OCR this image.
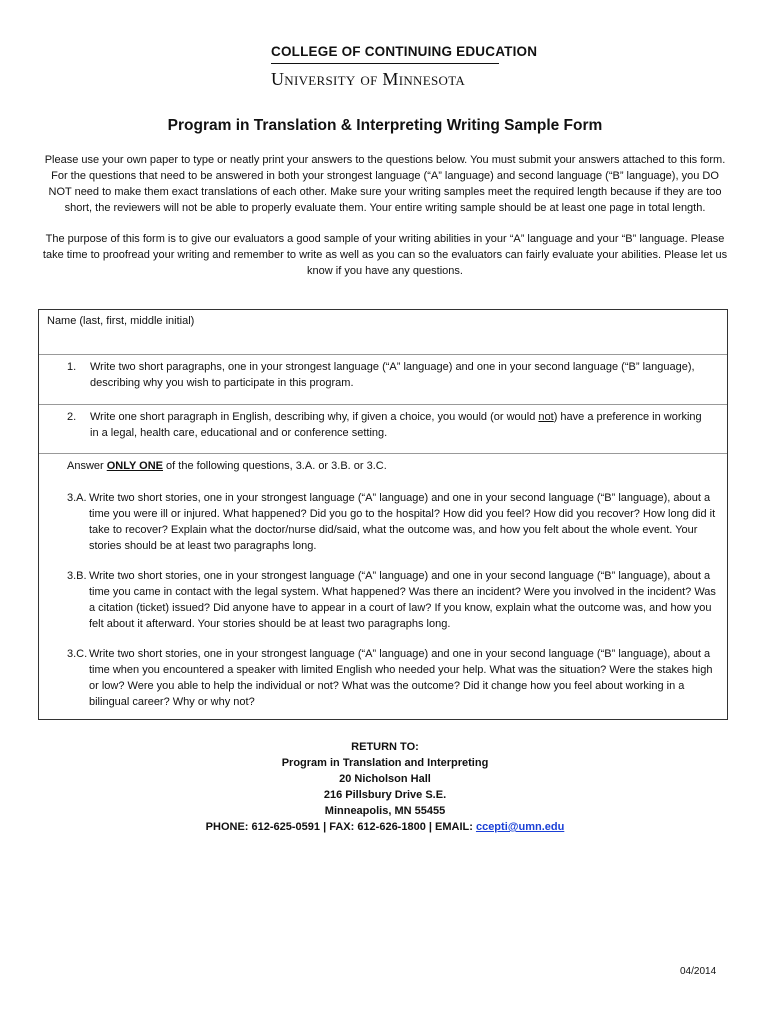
COLLEGE OF CONTINUING EDUCATION
University of Minnesota
Program in Translation & Interpreting Writing Sample Form

Please use your own paper to type or neatly print your answers to the questions below. You must submit your answers attached to this form. For the questions that need to be answered in both your strongest language (“A” language) and second language (“B” language), you DO NOT need to make them exact translations of each other. Make sure your writing samples meet the required length because if they are too short, the reviewers will not be able to properly evaluate them. Your entire writing sample should be at least one page in total length.

The purpose of this form is to give our evaluators a good sample of your writing abilities in your “A” language and your “B” language. Please take time to proofread your writing and remember to write as well as you can so the evaluators can fairly evaluate your abilities. Please let us know if you have any questions.

Name (last, first, middle initial)
1.	Write two short paragraphs, one in your strongest language (“A” language) and one in your second language (“B” language), describing why you wish to participate in this program.
2.	Write one short paragraph in English, describing why, if given a choice, you would (or would not) have a preference in working in a legal, health care, educational and or conference setting.
Answer ONLY ONE of the following questions, 3.A. or 3.B. or 3.C.
3.A. Write two short stories, one in your strongest language (“A” language) and one in your second language (“B” language), about a time you were ill or injured. What happened? Did you go to the hospital? How did you feel? How did you recover? How long did it take to recover? Explain what the doctor/nurse did/said, what the outcome was, and how you felt about the whole event. Your stories should be at least two paragraphs long.
3.B. Write two short stories, one in your strongest language (“A” language) and one in your second language (“B” language), about a time you came in contact with the legal system. What happened? Was there an incident? Were you involved in the incident? Was a citation (ticket) issued? Did anyone have to appear in a court of law? If you know, explain what the outcome was, and how you felt about it afterward. Your stories should be at least two paragraphs long.
3.C. Write two short stories, one in your strongest language (“A” language) and one in your second language (“B” language), about a time when you encountered a speaker with limited English who needed your help. What was the situation? Were the stakes high or low? Were you able to help the individual or not? What was the outcome? Did it change how you feel about working in a bilingual career? Why or why not?
RETURN TO:
Program in Translation and Interpreting
20 Nicholson Hall
216 Pillsbury Drive S.E.
Minneapolis, MN 55455
PHONE: 612-625-0591 | FAX: 612-626-1800 | EMAIL: ccepti@umn.edu
04/2014
